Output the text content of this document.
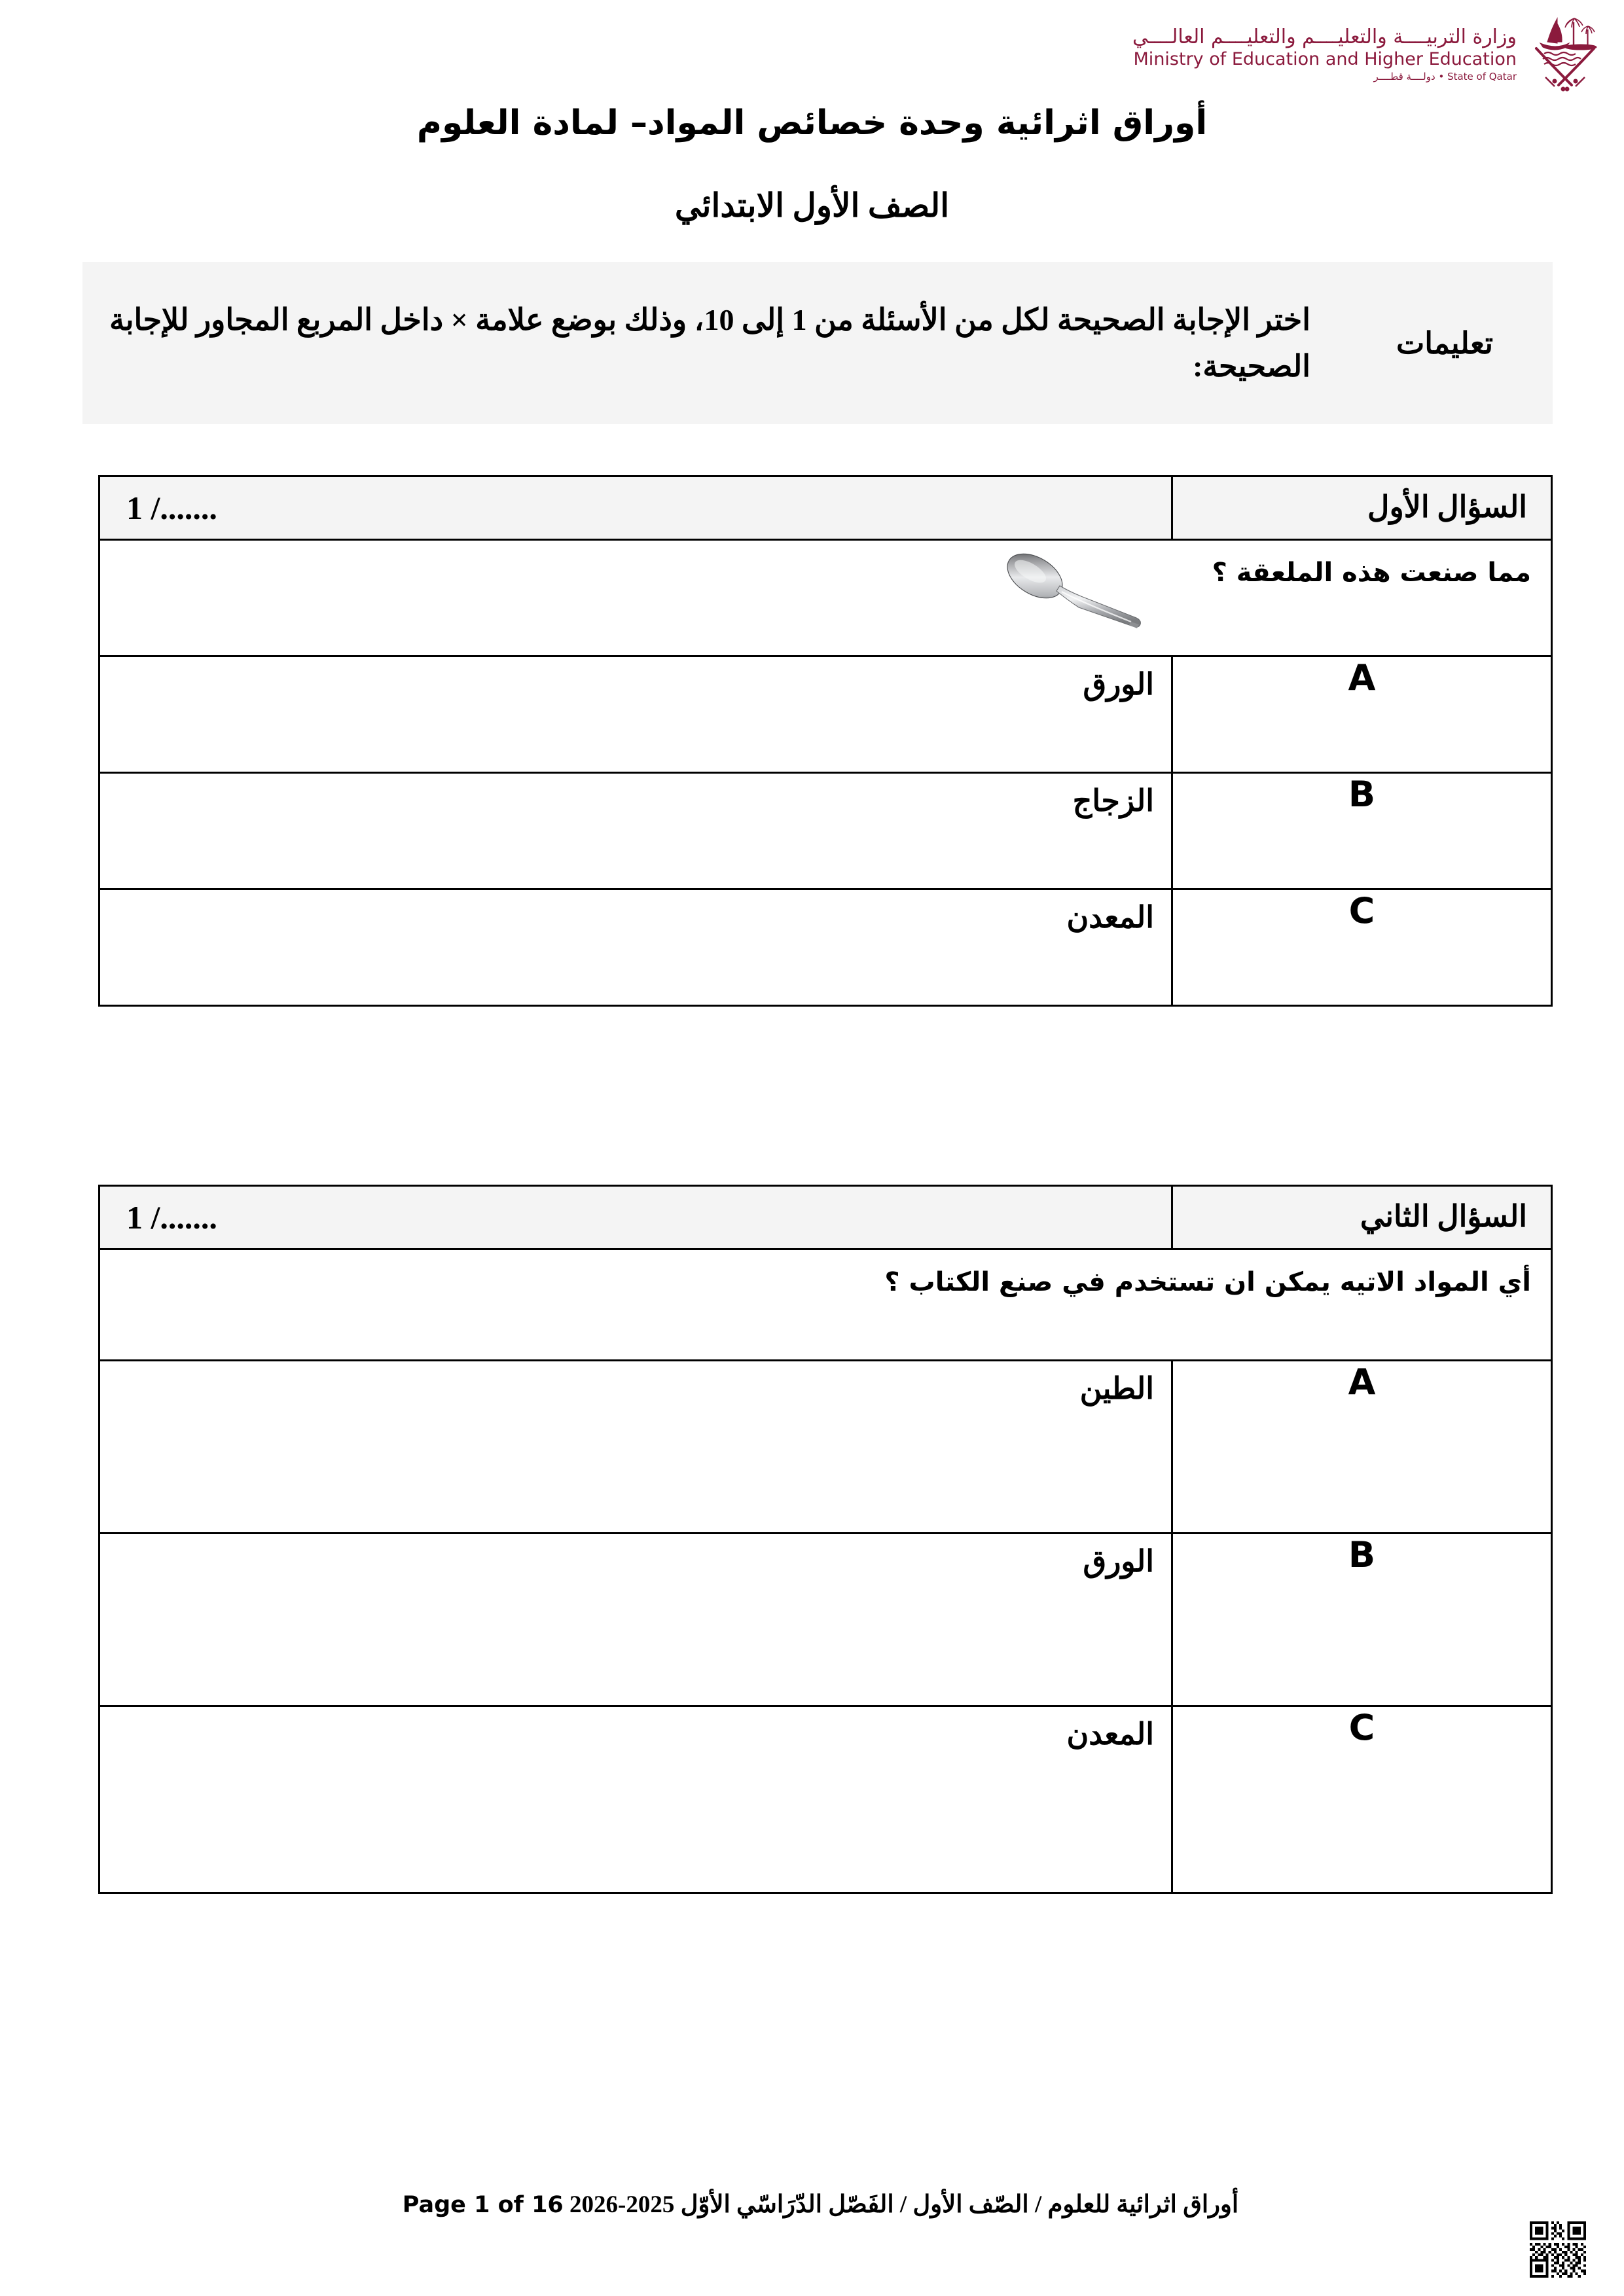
وزارة التربيــــة والتعليــــم والتعليــــم العالــــي
Ministry of Education and Higher Education
دولــــة قطــــر • State of Qatar
أوراق اثرائية وحدة خصائص المواد– لمادة العلوم
الصف الأول الابتدائي
تعليمات
اختر الإجابة الصحيحة لكل من الأسئلة من 1 إلى 10، وذلك بوضع علامة × داخل المربع المجاور للإجابة الصحيحة:
السؤال الأول	1 /.......

مما صنعت هذه الملعقة ؟

A	
الورق	

B	
الزجاج	

C	
المعدن	
السؤال الثاني	1 /.......

أي المواد الاتيه يمكن ان تستخدم في صنع الكتاب ؟

A	
الطين	

B	
الورق	

C	
المعدن	
أوراق اثرائية للعلوم / الصّف الأول / الفَصّل الدّرَاسّي الأوّل 2025-2026 Page 1 of 16
